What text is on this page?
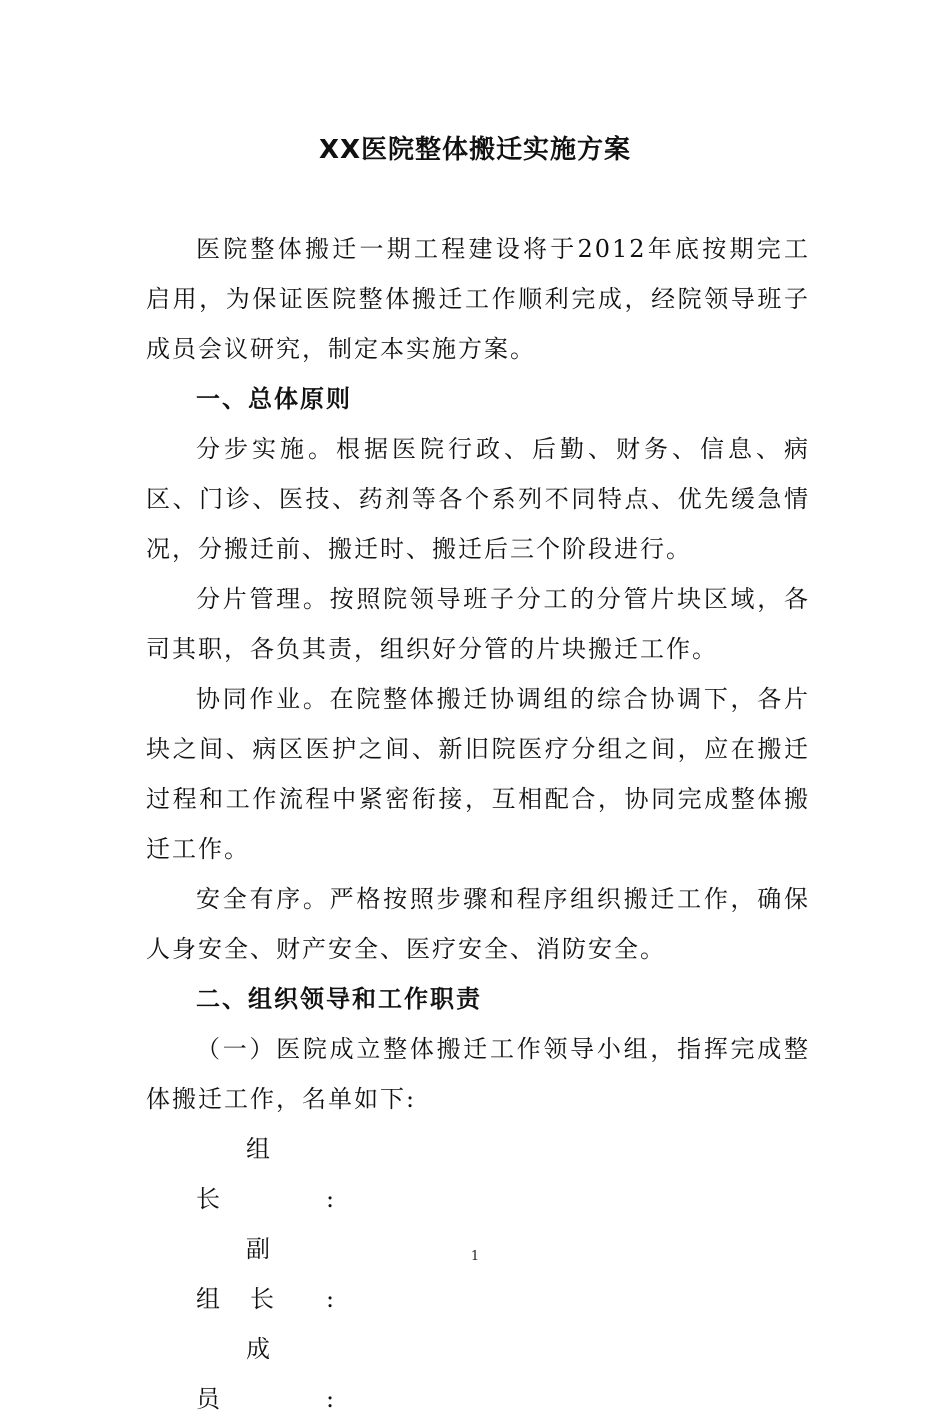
XX医院整体搬迁实施方案

医院整体搬迁一期工程建设将于2012年底按期完工启用，为保证医院整体搬迁工作顺利完成，经院领导班子成员会议研究，制定本实施方案。

一、总体原则

分步实施。根据医院行政、后勤、财务、信息、病区、门诊、医技、药剂等各个系列不同特点、优先缓急情况，分搬迁前、搬迁时、搬迁后三个阶段进行。

分片管理。按照院领导班子分工的分管片块区域，各司其职，各负其责，组织好分管的片块搬迁工作。

协同作业。在院整体搬迁协调组的综合协调下，各片块之间、病区医护之间、新旧院医疗分组之间，应在搬迁过程和工作流程中紧密衔接，互相配合，协同完成整体搬迁工作。

安全有序。严格按照步骤和程序组织搬迁工作，确保人身安全、财产安全、医疗安全、消防安全。

二、组织领导和工作职责

（一）医院成立整体搬迁工作领导小组，指挥完成整体搬迁工作，名单如下:

组长	:

副组长 :

成员	:

1
